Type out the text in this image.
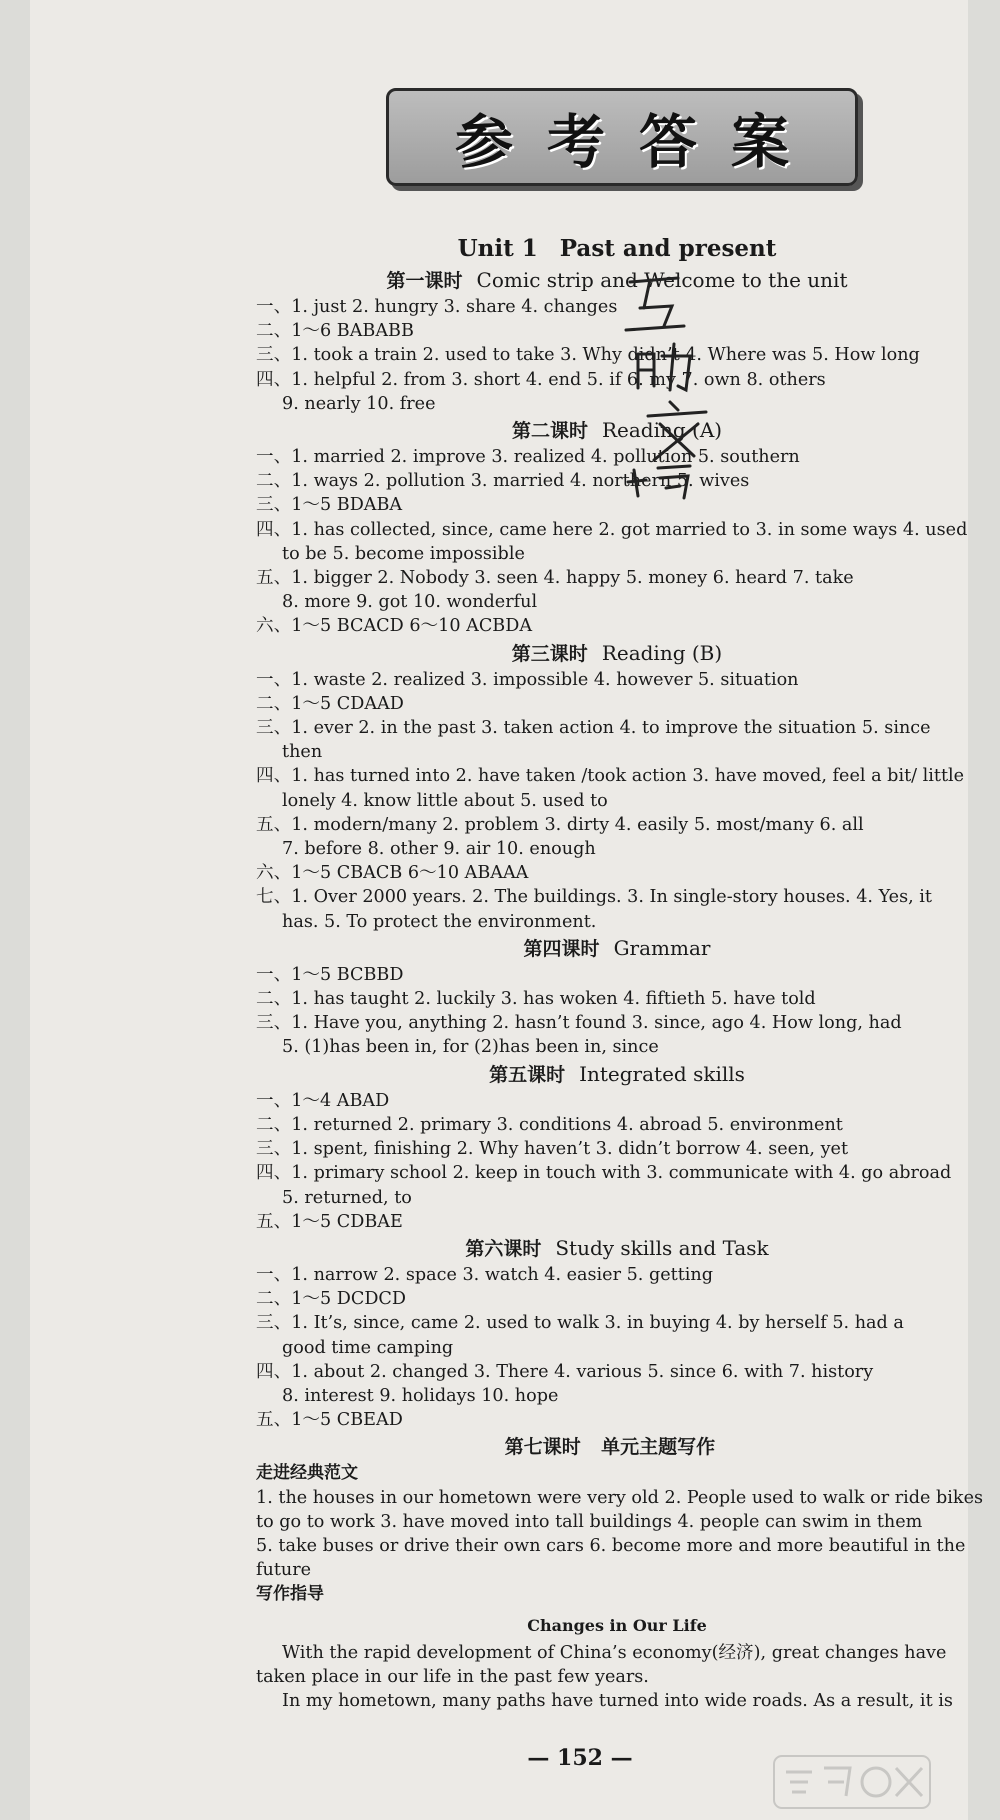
参考答案
Unit 1 Past and present
第一课时 Comic strip and Welcome to the unit
一、1. just 2. hungry 3. share 4. changes
二、1～6 BABABB
三、1. took a train 2. used to take 3. Why didn’t 4. Where was 5. How long
四、1. helpful 2. from 3. short 4. end 5. if 6. my 7. own 8. others
9. nearly 10. free
第二课时 Reading (A)
一、1. married 2. improve 3. realized 4. pollution 5. southern
二、1. ways 2. pollution 3. married 4. northern 5. wives
三、1～5 BDABA
四、1. has collected, since, came here 2. got married to 3. in some ways 4. used
to be 5. become impossible
五、1. bigger 2. Nobody 3. seen 4. happy 5. money 6. heard 7. take
8. more 9. got 10. wonderful
六、1～5 BCACD 6～10 ACBDA
第三课时 Reading (B)
一、1. waste 2. realized 3. impossible 4. however 5. situation
二、1～5 CDAAD
三、1. ever 2. in the past 3. taken action 4. to improve the situation 5. since
then
四、1. has turned into 2. have taken /took action 3. have moved, feel a bit/ little
lonely 4. know little about 5. used to
五、1. modern/many 2. problem 3. dirty 4. easily 5. most/many 6. all
7. before 8. other 9. air 10. enough
六、1～5 CBACB 6～10 ABAAA
七、1. Over 2000 years. 2. The buildings. 3. In single-story houses. 4. Yes, it
has. 5. To protect the environment.
第四课时 Grammar
一、1～5 BCBBD
二、1. has taught 2. luckily 3. has woken 4. fiftieth 5. have told
三、1. Have you, anything 2. hasn’t found 3. since, ago 4. How long, had
5. (1)has been in, for (2)has been in, since
第五课时 Integrated skills
一、1～4 ABAD
二、1. returned 2. primary 3. conditions 4. abroad 5. environment
三、1. spent, finishing 2. Why haven’t 3. didn’t borrow 4. seen, yet
四、1. primary school 2. keep in touch with 3. communicate with 4. go abroad
5. returned, to
五、1～5 CDBAE
第六课时 Study skills and Task
一、1. narrow 2. space 3. watch 4. easier 5. getting
二、1～5 DCDCD
三、1. It’s, since, came 2. used to walk 3. in buying 4. by herself 5. had a
good time camping
四、1. about 2. changed 3. There 4. various 5. since 6. with 7. history
8. interest 9. holidays 10. hope
五、1～5 CBEAD
第七课时 单元主题写作
走进经典范文
1. the houses in our hometown were very old 2. People used to walk or ride bikes
to go to work 3. have moved into tall buildings 4. people can swim in them
5. take buses or drive their own cars 6. become more and more beautiful in the
future
写作指导
Changes in Our Life
With the rapid development of China’s economy(经济), great changes have
taken place in our life in the past few years.
In my hometown, many paths have turned into wide roads. As a result, it is
— 152 —
